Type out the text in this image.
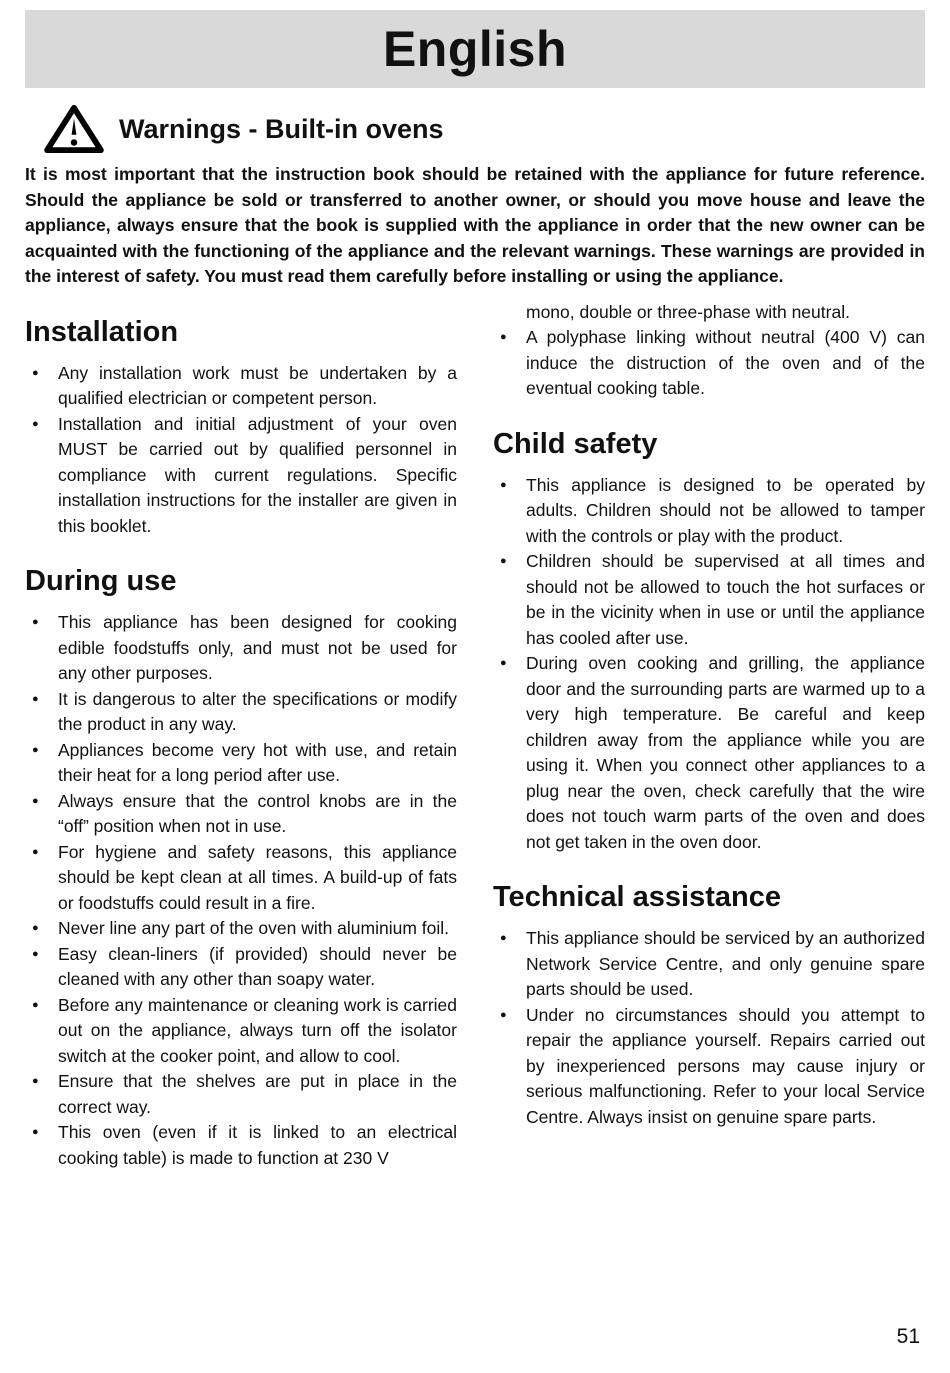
English
Warnings - Built-in ovens

It is most important that the instruction book should be retained with the appliance for future reference. Should the appliance be sold or transferred to another owner, or should you move house and leave the appliance, always ensure that the book is supplied with the appliance in order that the new owner can be acquainted with the functioning of the appliance and the relevant warnings. These warnings are provided in the interest of safety. You must read them carefully before installing or using the appliance.

Installation
●	Any installation work must be undertaken by a qualified electrician or competent person.
●	Installation and initial adjustment of your oven MUST be carried out by qualified personnel in compliance with current regulations. Specific installation instructions for the installer are given in this booklet.
During use
●	This appliance has been designed for cooking edible foodstuffs only, and must not be used for any other purposes.
●	It is dangerous to alter the specifications or modify the product in any way.
●	Appliances become very hot with use, and retain their heat for a long period after use.
●	Always ensure that the control knobs are in the “off” position when not in use.
●	For hygiene and safety reasons, this appliance should be kept clean at all times. A build-up of fats or foodstuffs could result in a fire.
●	Never line any part of the oven with aluminium foil.
●	Easy clean-liners (if provided) should never be cleaned with any other than soapy water.
●	Before any maintenance or cleaning work is carried out on the appliance, always turn off the isolator switch at the cooker point, and allow to cool.
●	Ensure that the shelves are put in place in the correct way.
●	This oven (even if it is linked to an electrical cooking table) is made to function at 230 V

mono, double or three-phase with neutral.

●	A polyphase linking without neutral (400 V) can induce the distruction of the oven and of the eventual cooking table.
Child safety
●	This appliance is designed to be operated by adults. Children should not be allowed to tamper with the controls or play with the product.
●	Children should be supervised at all times and should not be allowed to touch the hot surfaces or be in the vicinity when in use or until the appliance has cooled after use.
●	During oven cooking and grilling, the appliance door and the surrounding parts are warmed up to a very high temperature. Be careful and keep children away from the appliance while you are using it. When you connect other appliances to a plug near the oven, check carefully that the wire does not touch warm parts of the oven and does not get taken in the oven door.
Technical assistance
●	This appliance should be serviced by an authorized Network Service Centre, and only genuine spare parts should be used.
●	Under no circumstances should you attempt to repair the appliance yourself. Repairs carried out by inexperienced persons may cause injury or serious malfunctioning. Refer to your local Service Centre. Always insist on genuine spare parts.
51
